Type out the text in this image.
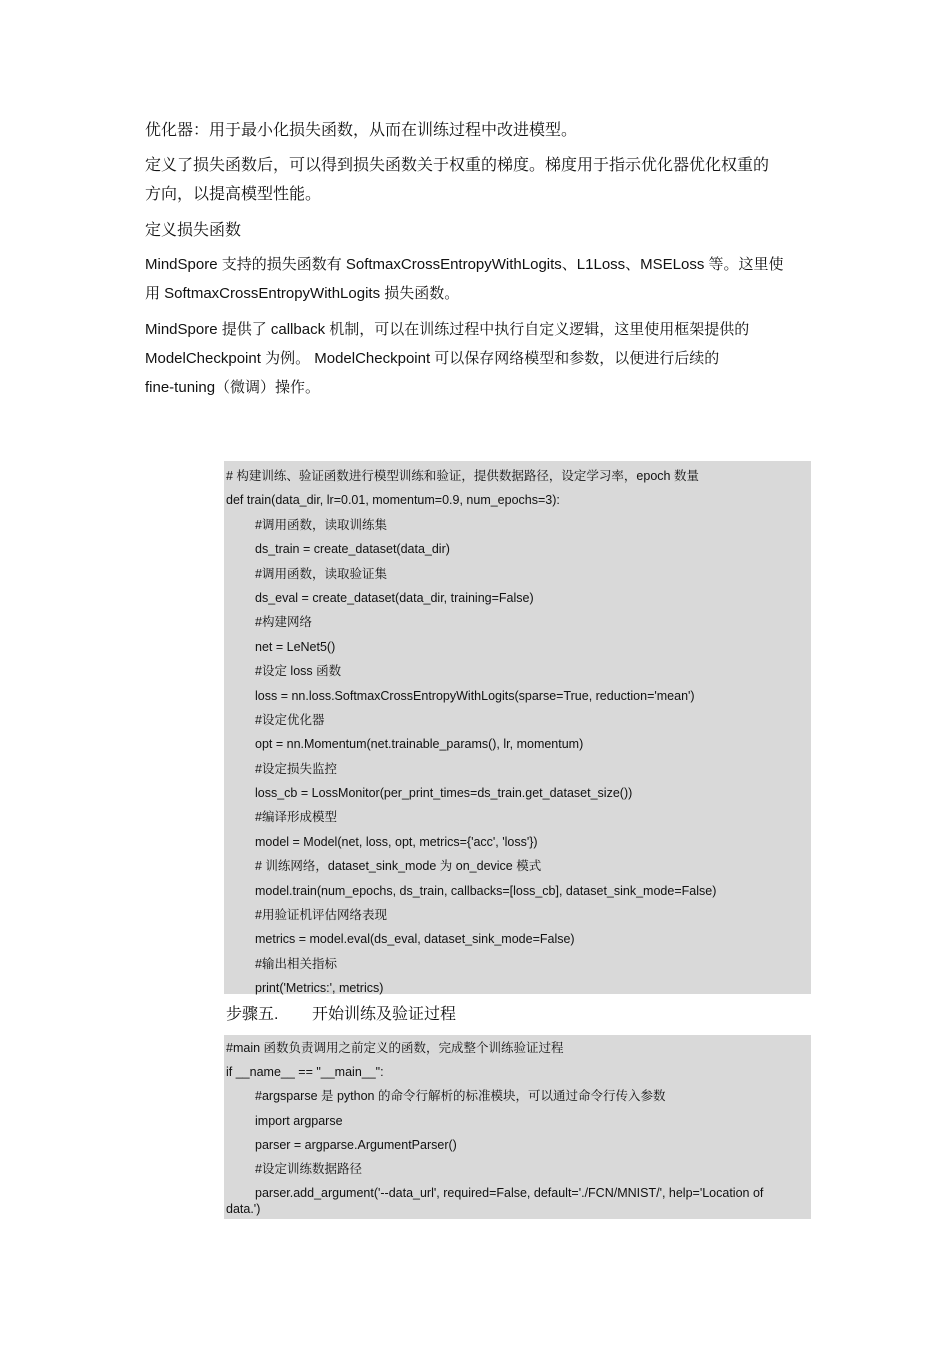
优化器：用于最小化损失函数，从而在训练过程中改进模型。

定义了损失函数后，可以得到损失函数关于权重的梯度。梯度用于指示优化器优化权重的
方向，以提高模型性能。

定义损失函数

MindSpore 支持的损失函数有 SoftmaxCrossEntropyWithLogits、L1Loss、MSELoss 等。这里使
用 SoftmaxCrossEntropyWithLogits 损失函数。

MindSpore 提供了 callback 机制，可以在训练过程中执行自定义逻辑，这里使用框架提供的
ModelCheckpoint 为例。 ModelCheckpoint 可以保存网络模型和参数，以便进行后续的
fine-tuning（微调）操作。

# 构建训练、验证函数进行模型训练和验证，提供数据路径，设定学习率，epoch 数量
def train(data_dir, lr=0.01, momentum=0.9, num_epochs=3):
#调用函数，读取训练集
ds_train = create_dataset(data_dir)
#调用函数，读取验证集
ds_eval = create_dataset(data_dir, training=False)
#构建网络
net = LeNet5()
#设定 loss 函数
loss = nn.loss.SoftmaxCrossEntropyWithLogits(sparse=True, reduction='mean')
#设定优化器
opt = nn.Momentum(net.trainable_params(), lr, momentum)
#设定损失监控
loss_cb = LossMonitor(per_print_times=ds_train.get_dataset_size())
#编译形成模型
model = Model(net, loss, opt, metrics={'acc', 'loss'})
# 训练网络，dataset_sink_mode 为 on_device 模式
model.train(num_epochs, ds_train, callbacks=[loss_cb], dataset_sink_mode=False)
#用验证机评估网络表现
metrics = model.eval(ds_eval, dataset_sink_mode=False)
#输出相关指标
print('Metrics:', metrics)
步骤五. 开始训练及验证过程
#main 函数负责调用之前定义的函数，完成整个训练验证过程
if __name__ == "__main__":
#argsparse 是 python 的命令行解析的标准模块，可以通过命令行传入参数
import argparse
parser = argparse.ArgumentParser()
#设定训练数据路径
parser.add_argument('--data_url', required=False, default='./FCN/MNIST/', help='Location of
data.')
